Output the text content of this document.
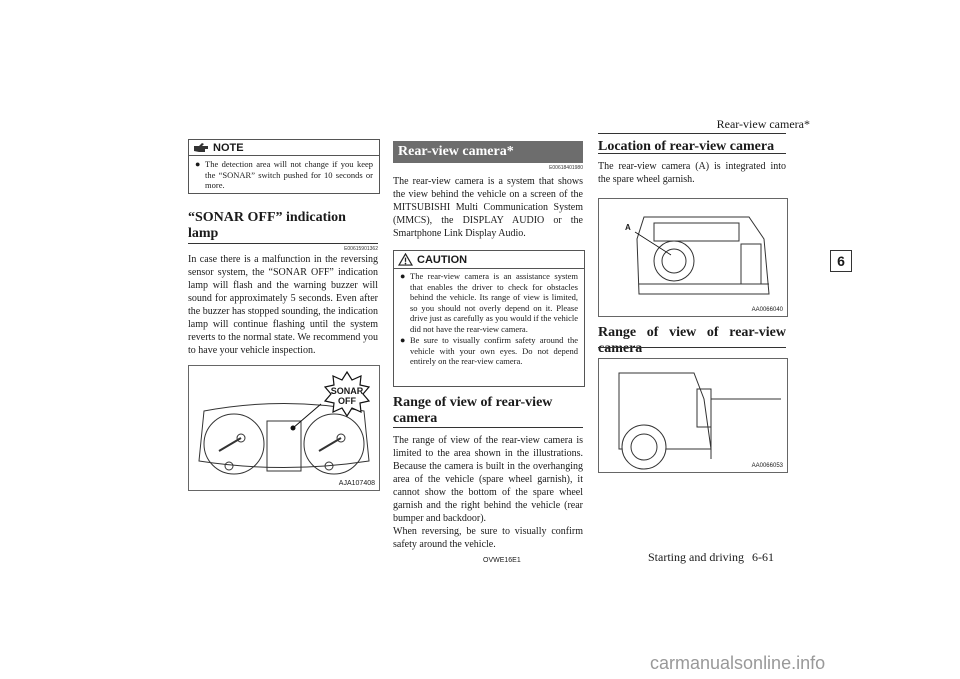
Rear-view camera*
6
NOTE
● The detection area will not change if you keep the “SONAR” switch pushed for 10 seconds or more.
“SONAR OFF” indication lamp
E00615901362
In case there is a malfunction in the reversing sensor system, the “SONAR OFF” indication lamp will flash and the warning buzzer will sound for approximately 5 seconds. Even after the buzzer has stopped sounding, the indication lamp will continue flashing until the system reverts to the normal state. We recommend you to have your vehicle inspection.
SONAR
OFF
AJA107408
Rear-view camera*
E00618401980
The rear-view camera is a system that shows the view behind the vehicle on a screen of the MITSUBISHI Multi Communication System (MMCS), the DISPLAY AUDIO or the Smartphone Link Display Audio.
CAUTION
● The rear-view camera is an assistance system that enables the driver to check for obstacles behind the vehicle. Its range of view is limited, so you should not overly depend on it. Please drive just as carefully as you would if the vehicle did not have the rear-view camera.
● Be sure to visually confirm safety around the vehicle with your own eyes. Do not depend entirely on the rear-view camera.
Range of view of rear-view camera
The range of view of the rear-view camera is limited to the area shown in the illustrations. Because the camera is built in the overhanging area of the vehicle (spare wheel garnish), it cannot show the bottom of the spare wheel garnish and the right behind the vehicle (rear bumper and backdoor).
When reversing, be sure to visually confirm safety around the vehicle.
Location of rear-view camera
The rear-view camera (A) is integrated into the spare wheel garnish.
A
AA0066040
Range of view of rear-view camera
AA0066053
OVWE16E1	Starting and driving 6-61
carmanualsonline.info
